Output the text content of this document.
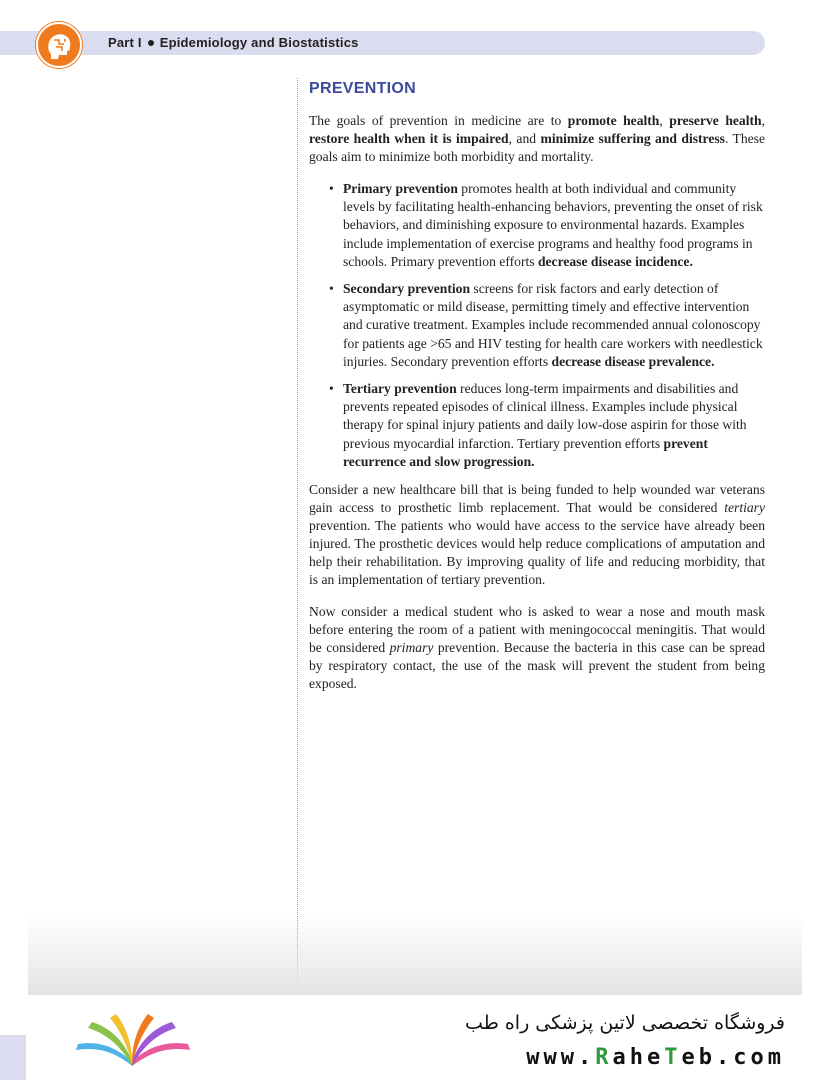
Part I Epidemiology and Biostatistics
PREVENTION

The goals of prevention in medicine are to promote health, preserve health, restore health when it is impaired, and minimize suffering and distress. These goals aim to minimize both morbidity and mortality.

• Primary prevention promotes health at both individual and community levels by facilitating health-enhancing behaviors, preventing the onset of risk behaviors, and diminishing exposure to environmental hazards. Examples include implementation of exercise programs and healthy food programs in schools. Primary prevention efforts decrease disease incidence.
• Secondary prevention screens for risk factors and early detection of asymptomatic or mild disease, permitting timely and effective intervention and curative treatment. Examples include recommended annual colonoscopy for patients age >65 and HIV testing for health care workers with needlestick injuries. Secondary prevention efforts decrease disease prevalence.
• Tertiary prevention reduces long-term impairments and disabilities and prevents repeated episodes of clinical illness. Examples include physical therapy for spinal injury patients and daily low-dose aspirin for those with previous myocardial infarction. Tertiary prevention efforts prevent recurrence and slow progression.

Consider a new healthcare bill that is being funded to help wounded war veterans gain access to prosthetic limb replacement. That would be considered tertiary prevention. The patients who would have access to the service have already been injured. The prosthetic devices would help reduce complications of amputation and help their rehabilitation. By improving quality of life and reducing morbidity, that is an implementation of tertiary prevention.

Now consider a medical student who is asked to wear a nose and mouth mask before entering the room of a patient with meningococcal meningitis. That would be considered primary prevention. Because the bacteria in this case can be spread by respiratory contact, the use of the mask will prevent the student from being exposed.

فروشگاه تخصصی لاتین پزشکی راه طب
www.RaheTeb.com
